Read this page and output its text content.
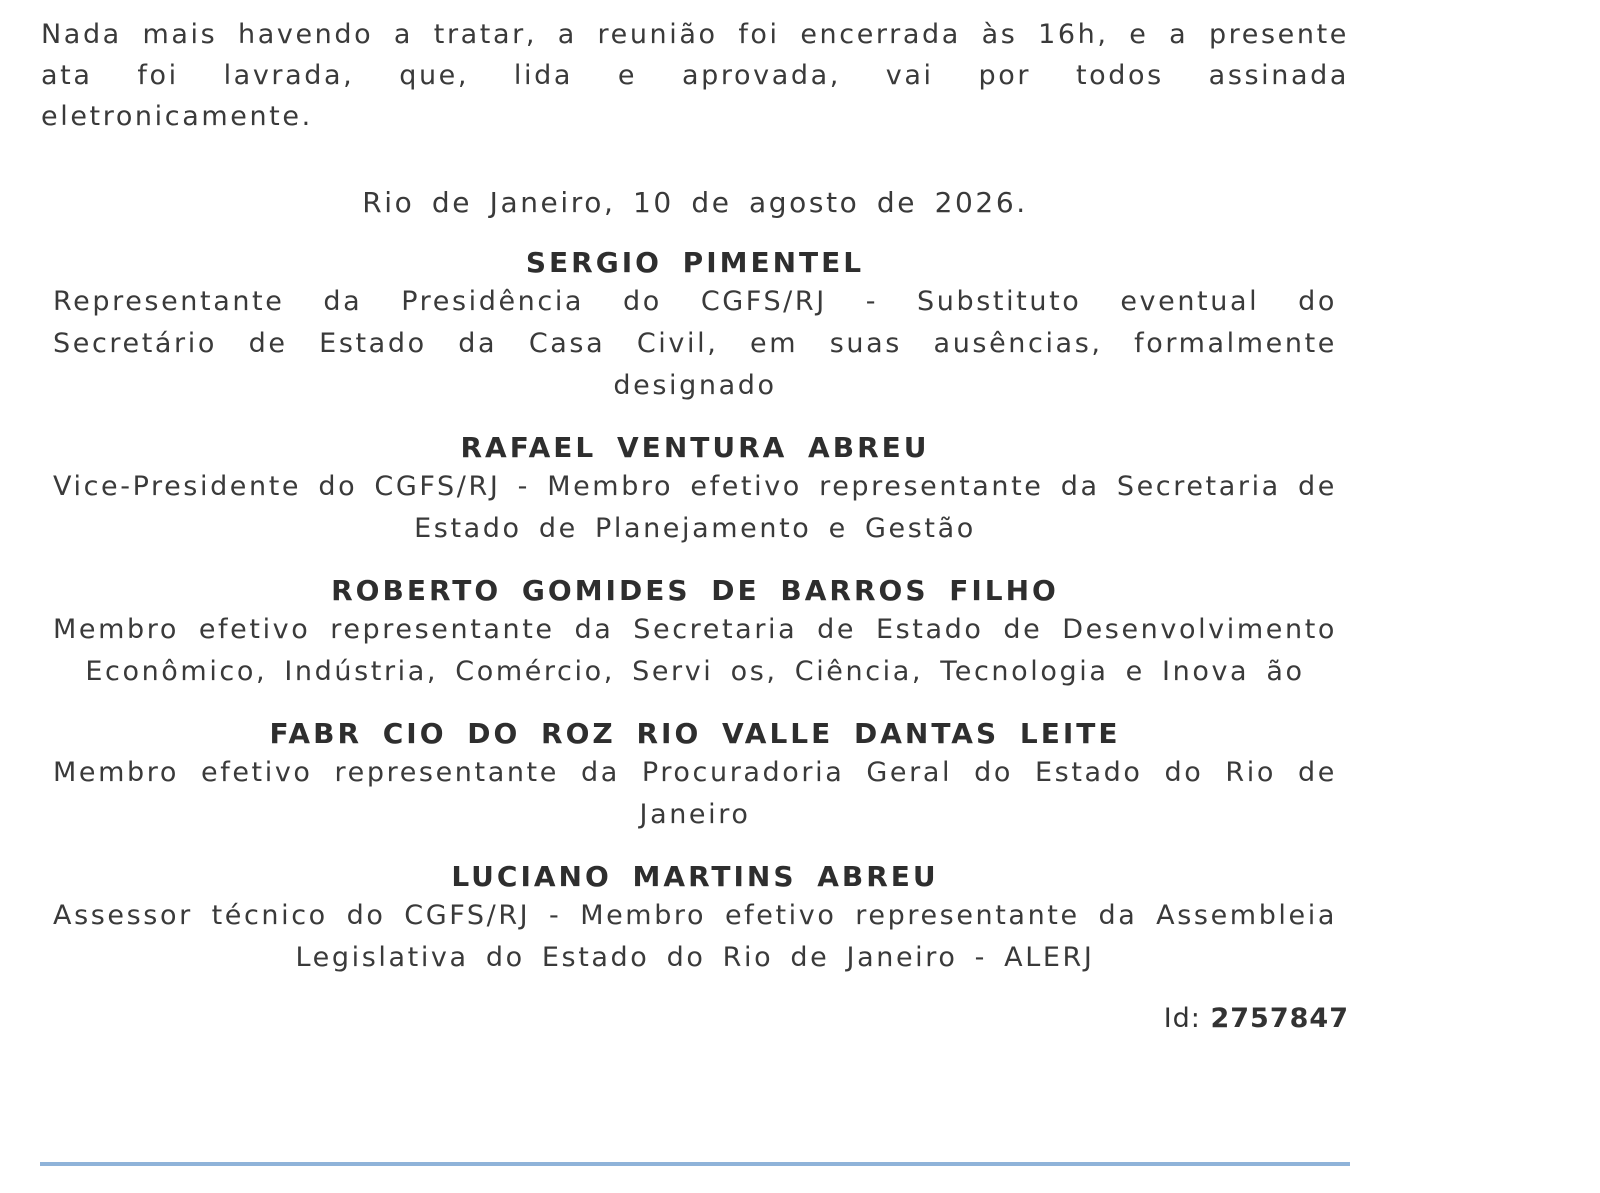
Nada mais havendo a tratar, a reunião foi encerrada às 16h, e a presente ata foi lavrada, que, lida e aprovada, vai por todos assinada eletronicamente.

Rio de Janeiro, 10 de agosto de 2026.

SERGIO PIMENTEL
Representante da Presidência do CGFS/RJ - Substituto eventual do Secretário de Estado da Casa Civil, em suas ausências, formalmente designado
RAFAEL VENTURA ABREU
Vice-Presidente do CGFS/RJ - Membro efetivo representante da Secretaria de Estado de Planejamento e Gestão
ROBERTO GOMIDES DE BARROS FILHO
Membro efetivo representante da Secretaria de Estado de Desenvolvimento Econômico, Indústria, Comércio, Servi os, Ciência, Tecnologia e Inova ão
FABR CIO DO ROZ RIO VALLE DANTAS LEITE
Membro efetivo representante da Procuradoria Geral do Estado do Rio de Janeiro
LUCIANO MARTINS ABREU
Assessor técnico do CGFS/RJ - Membro efetivo representante da Assembleia Legislativa do Estado do Rio de Janeiro - ALERJ
Id: 2757847
